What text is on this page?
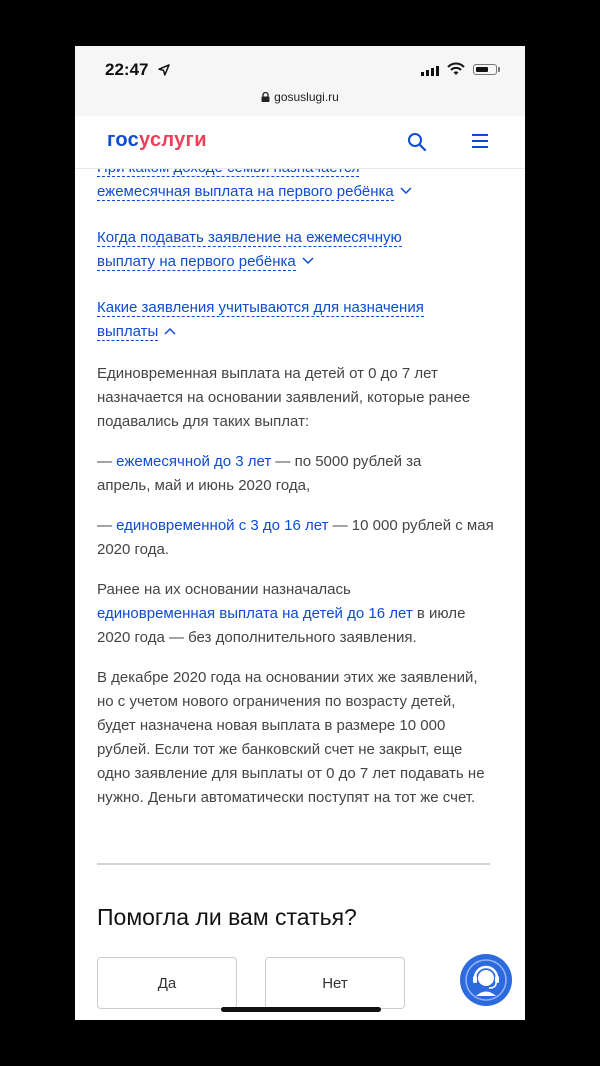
22:47
gosuslugi.ru
госуслуги

ежемесячная выплата на первого ребёнка

Когда подавать заявление на ежемесячную выплату на первого ребёнка

Какие заявления учитываются для назначения выплаты

Единовременная выплата на детей от 0 до 7 лет назначается на основании заявлений, которые ранее подавались для таких выплат:

— ежемесячной до 3 лет — по 5000 рублей за апрель, май и июнь 2020 года,

— единовременной с 3 до 16 лет — 10 000 рублей с мая 2020 года.

Ранее на их основании назначалась единовременная выплата на детей до 16 лет в июле 2020 года — без дополнительного заявления.

В декабре 2020 года на основании этих же заявлений, но с учетом нового ограничения по возрасту детей, будет назначена новая выплата в размере 10 000 рублей. Если тот же банковский счет не закрыт, еще одно заявление для выплаты от 0 до 7 лет подавать не нужно. Деньги автоматически поступят на тот же счет.

Помогла ли вам статья?
Да	Нет
